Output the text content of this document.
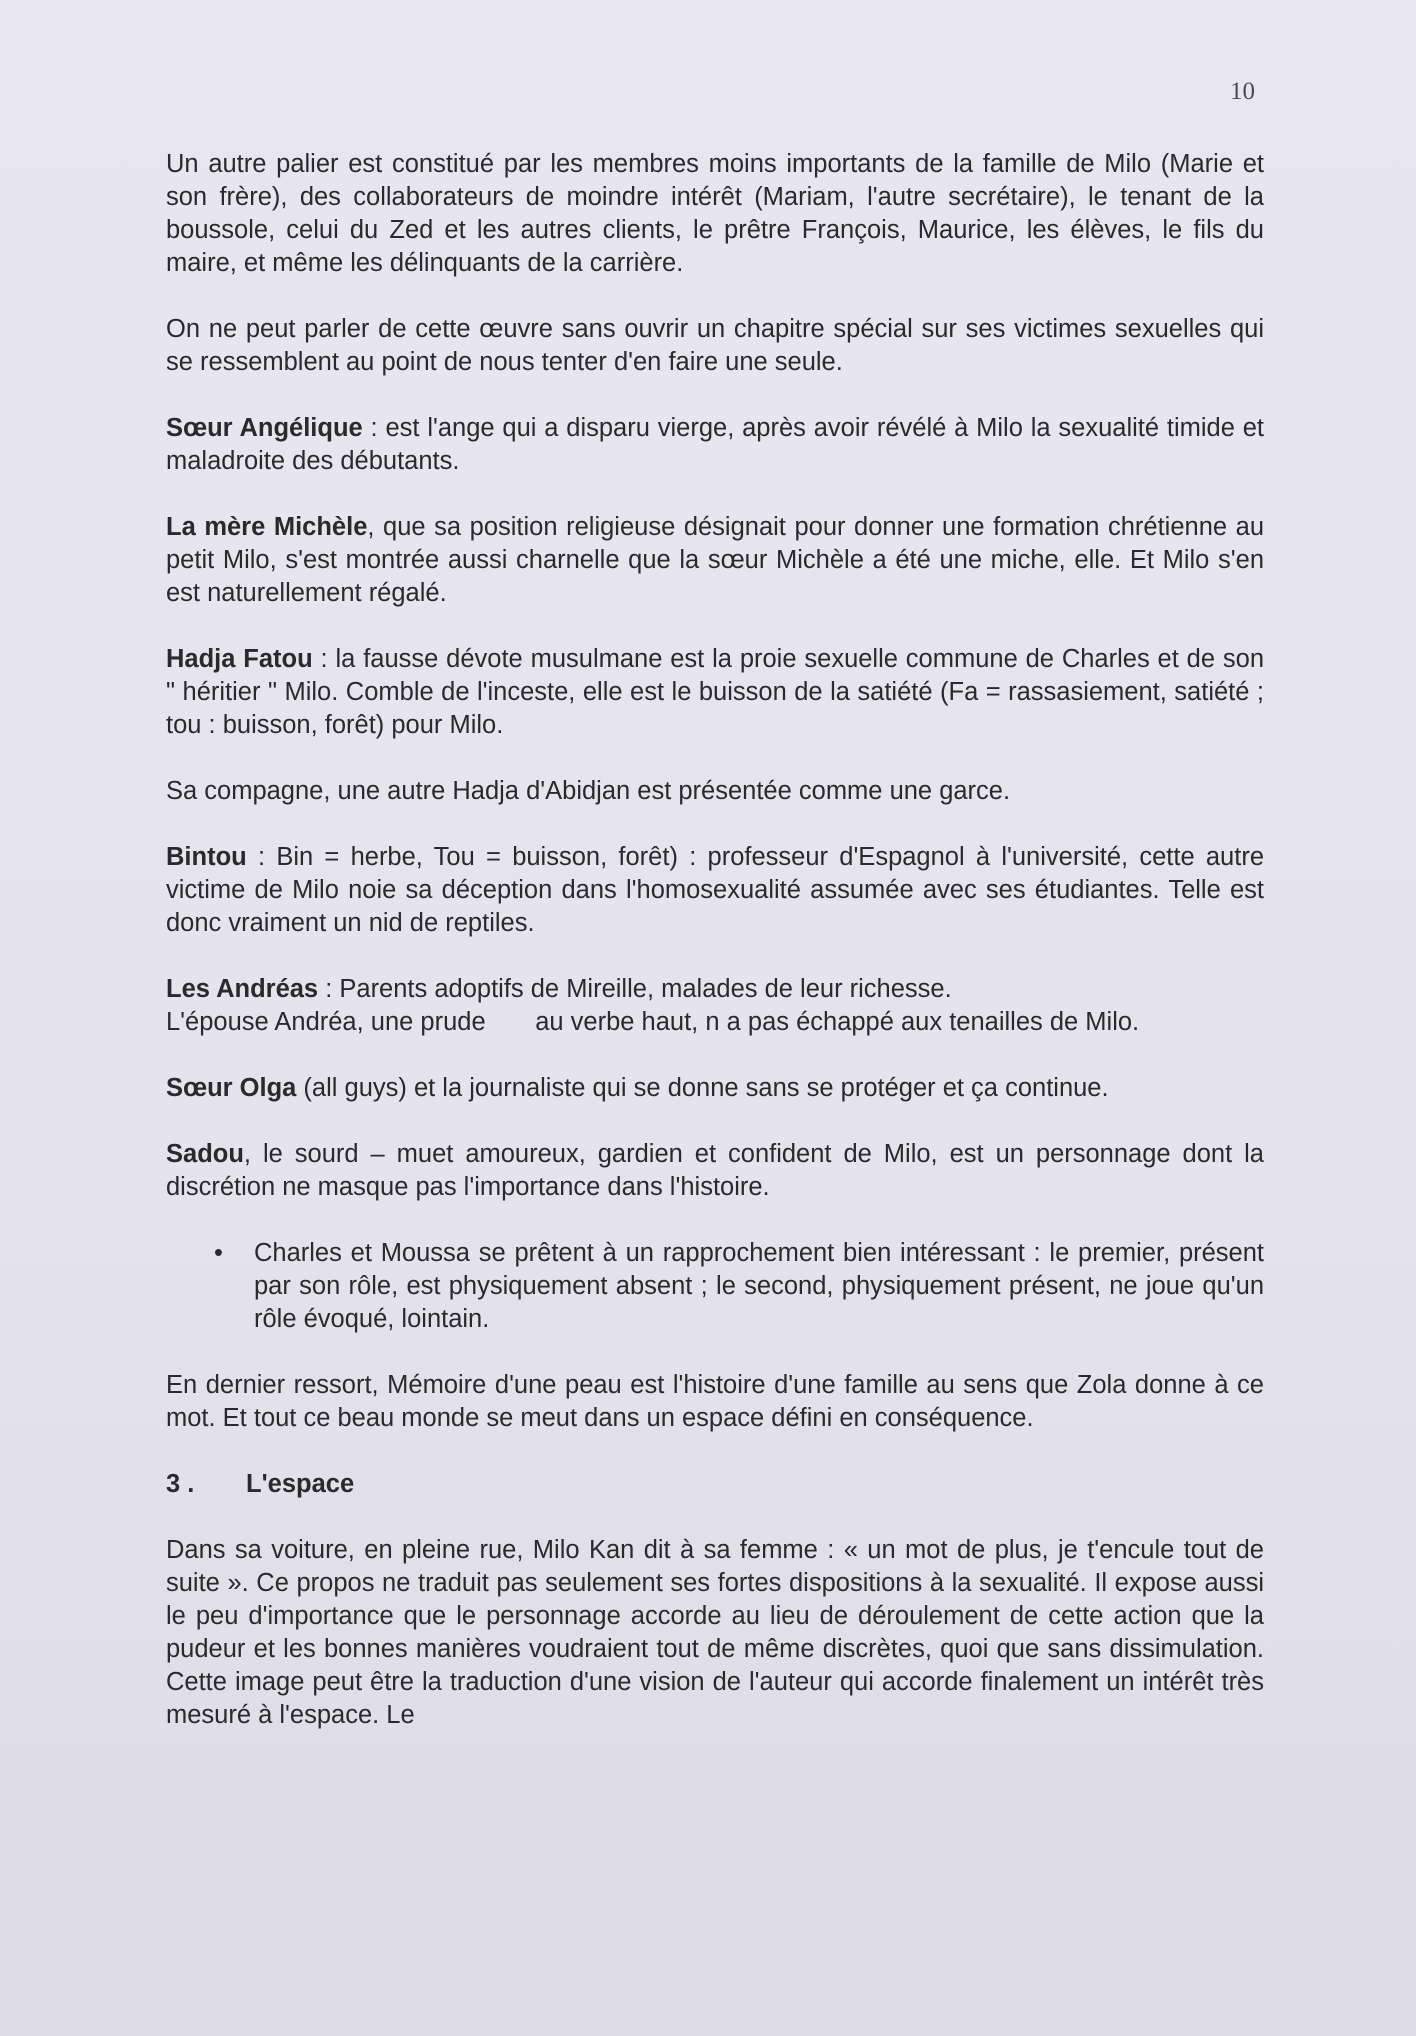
10

Un autre palier est constitué par les membres moins importants de la famille de Milo (Marie et son frère), des collaborateurs de moindre intérêt (Mariam, l'autre secrétaire), le tenant de la boussole, celui du Zed et les autres clients, le prêtre François, Maurice, les élèves, le fils du maire, et même les délinquants de la carrière.

On ne peut parler de cette œuvre sans ouvrir un chapitre spécial sur ses victimes sexuelles qui se ressemblent au point de nous tenter d'en faire une seule.

Sœur Angélique : est l'ange qui a disparu vierge, après avoir révélé à Milo la sexualité timide et maladroite des débutants.

La mère Michèle, que sa position religieuse désignait pour donner une formation chrétienne au petit Milo, s'est montrée aussi charnelle que la sœur Michèle a été une miche, elle. Et Milo s'en est naturellement régalé.

Hadja Fatou : la fausse dévote musulmane est la proie sexuelle commune de Charles et de son " héritier " Milo. Comble de l'inceste, elle est le buisson de la satiété (Fa = rassasiement, satiété ; tou : buisson, forêt) pour Milo.

Sa compagne, une autre Hadja d'Abidjan est présentée comme une garce.

Bintou : Bin = herbe, Tou = buisson, forêt) : professeur d'Espagnol à l'université, cette autre victime de Milo noie sa déception dans l'homosexualité assumée avec ses étudiantes. Telle est donc vraiment un nid de reptiles.

Les Andréas : Parents adoptifs de Mireille, malades de leur richesse.
L'épouse Andréa, une prude       au verbe haut, n a pas échappé aux tenailles de Milo.

Sœur Olga (all guys) et la journaliste qui se donne sans se protéger et ça continue.

Sadou, le sourd – muet amoureux, gardien et confident de Milo, est un personnage dont la discrétion ne masque pas l'importance dans l'histoire.

• Charles et Moussa se prêtent à un rapprochement bien intéressant : le premier, présent par son rôle, est physiquement absent ; le second, physiquement présent, ne joue qu'un rôle évoqué, lointain.

En dernier ressort, Mémoire d'une peau est l'histoire d'une famille au sens que Zola donne à ce mot. Et tout ce beau monde se meut dans un espace défini en conséquence.

3 . L'espace

Dans sa voiture, en pleine rue, Milo Kan dit à sa femme : « un mot de plus, je t'encule tout de suite ». Ce propos ne traduit pas seulement ses fortes dispositions à la sexualité. Il expose aussi le peu d'importance que le personnage accorde au lieu de déroulement de cette action que la pudeur et les bonnes manières voudraient tout de même discrètes, quoi que sans dissimulation. Cette image peut être la traduction d'une vision de l'auteur qui accorde finalement un intérêt très mesuré à l'espace. Le
